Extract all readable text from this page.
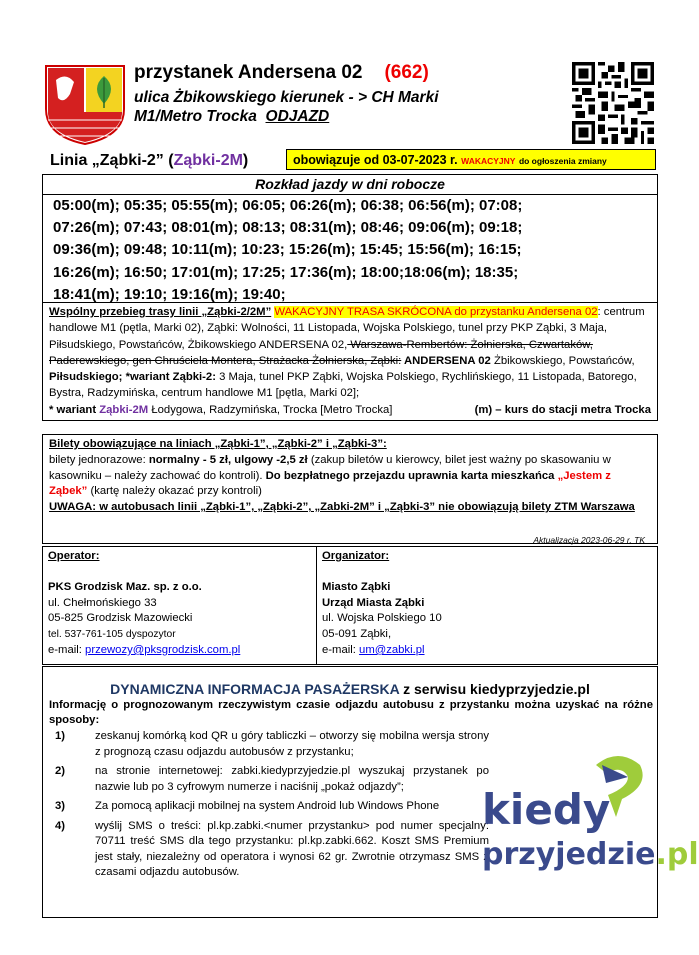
przystanek Andersena 02 (662)
ulica Żbikowskiego kierunek - > CH Marki
M1/Metro Trocka ODJAZD
Linia „Ząbki-2” (Ząbki-2M)	obowiązuje od 03-07-2023 r. WAKACYJNY do ogłoszenia zmiany
Rozkład jazdy w dni robocze
05:00(m); 05:35; 05:55(m); 06:05; 06:26(m); 06:38; 06:56(m); 07:08;
07:26(m); 07:43; 08:01(m); 08:13; 08:31(m); 08:46; 09:06(m); 09:18;
09:36(m); 09:48; 10:11(m); 10:23; 15:26(m); 15:45; 15:56(m); 16:15;
16:26(m); 16:50; 17:01(m); 17:25; 17:36(m); 18:00;18:06(m); 18:35;
18:41(m); 19:10; 19:16(m); 19:40;
Wspólny przebieg trasy linii „Ząbki-2/2M” WAKACYJNY TRASA SKRÓCONA do przystanku Andersena 02: centrum handlowe M1 (pętla, Marki 02), Ząbki: Wolności, 11 Listopada, Wojska Polskiego, tunel przy PKP Ząbki, 3 Maja, Piłsudskiego, Powstańców, Żbikowskiego ANDERSENA 02, Warszawa-Rembertów: Żołnierska, Czwartaków, Paderewskiego, gen Chruściela Montera, Strażacka Żołnierska, Ząbki: ANDERSENA 02 Żbikowskiego, Powstańców, Piłsudskiego; *wariant Ząbki-2: 3 Maja, tunel PKP Ząbki, Wojska Polskiego, Rychlińskiego, 11 Listopada, Batorego, Bystra, Radzymińska, centrum handlowe M1 [pętla, Marki 02];
* wariant Ząbki-2M Łodygowa, Radzymińska, Trocka [Metro Trocka]	(m) – kurs do stacji metra Trocka
Bilety obowiązujące na liniach „Ząbki-1”, „Ząbki-2” i „Ząbki-3”:
bilety jednorazowe: normalny - 5 zł, ulgowy -2,5 zł (zakup biletów u kierowcy, bilet jest ważny po skasowaniu w kasowniku – należy zachować do kontroli). Do bezpłatnego przejazdu uprawnia karta mieszkańca „Jestem z Ząbek” (kartę należy okazać przy kontroli)
UWAGA: w autobusach linii „Ząbki-1”, „Ząbki-2”, „Zabki-2M” i „Ząbki-3” nie obowiązują bilety ZTM Warszawa
Aktualizacja 2023-06-29 r. TK
Operator:
PKS Grodzisk Maz. sp. z o.o.
ul. Chełmońskiego 33
05-825 Grodzisk Mazowiecki
tel. 537-761-105 dyspozytor
e-mail: przewozy@pksgrodzisk.com.pl
Organizator:
Miasto Ząbki
Urząd Miasta Ząbki
ul. Wojska Polskiego 10
05-091 Ząbki,
e-mail: um@zabki.pl
DYNAMICZNA INFORMACJA PASAŻERSKA z serwisu kiedyprzyjedzie.pl
Informację o prognozowanym rzeczywistym czasie odjazdu autobusu z przystanku można uzyskać na różne sposoby:
1)	zeskanuj komórką kod QR u góry tabliczki – otworzy się mobilna wersja strony z prognozą czasu odjazdu autobusów z przystanku;
2)	na stronie internetowej: zabki.kiedyprzyjedzie.pl wyszukaj przystanek po nazwie lub po 3 cyfrowym numerze i naciśnij „pokaż odjazdy”;
3)	Za pomocą aplikacji mobilnej na system Android lub Windows Phone
4)	wyślij SMS o treści: pl.kp.zabki.<numer przystanku> pod numer specjalny: 70711 treść SMS dla tego przystanku: pl.kp.zabki.662. Koszt SMS Premium jest stały, niezależny od operatora i wynosi 62 gr. Zwrotnie otrzymasz SMS z czasami odjazdu autobusów.
kiedy
przyjedzie.pl
